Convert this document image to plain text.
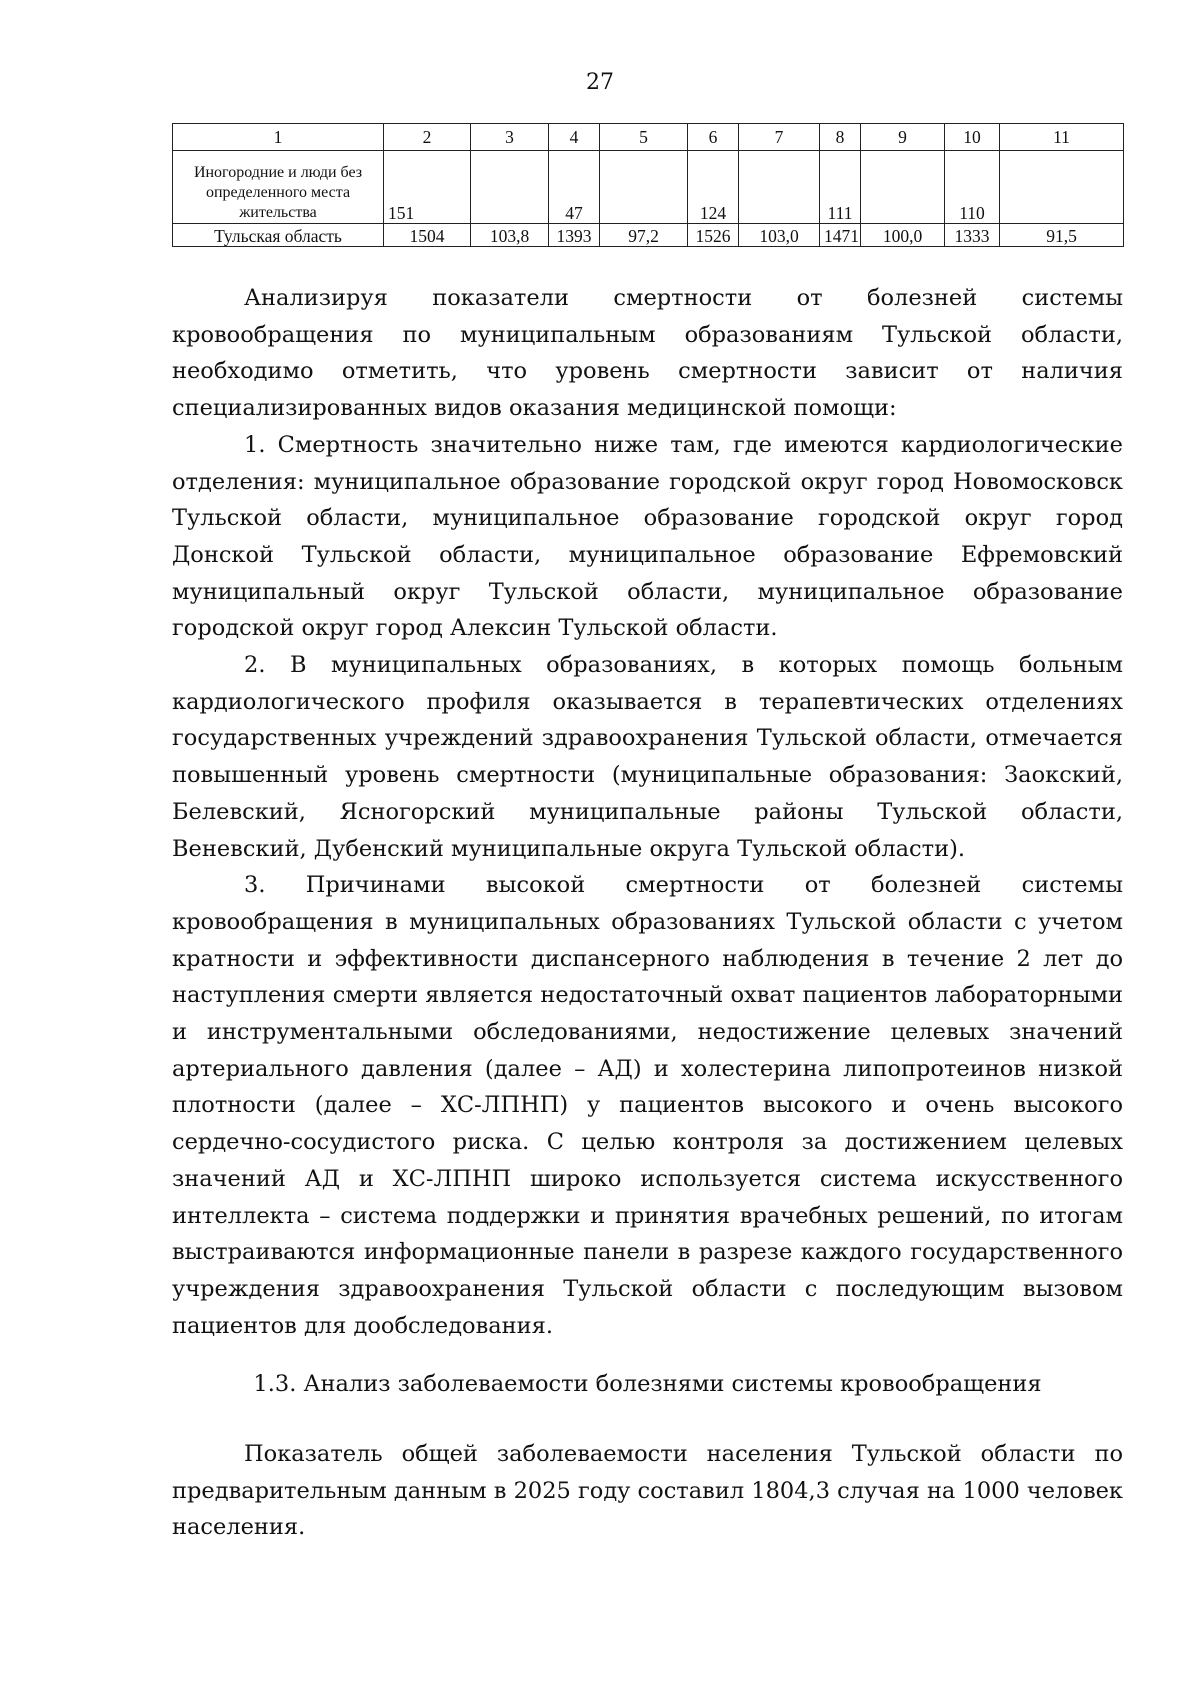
27
1	2	3	4	5	6	7	8	9	10	11
Иногородние и люди без определенного места жительства	151		47		124		111		110	
Тульская область	1504	103,8	1393	97,2	1526	103,0	1471	100,0	1333	91,5

Анализируя показатели смертности от болезней системы кровообращения по муниципальным образованиям Тульской области, необходимо отметить, что уровень смертности зависит от наличия специализированных видов оказания медицинской помощи:

1. Смертность значительно ниже там, где имеются кардиологические отделения: муниципальное образование городской округ город Новомосковск Тульской области, муниципальное образование городской округ город Донской Тульской области, муниципальное образование Ефремовский муниципальный округ Тульской области, муниципальное образование городской округ город Алексин Тульской области.

2. В муниципальных образованиях, в которых помощь больным кардиологического профиля оказывается в терапевтических отделениях государственных учреждений здравоохранения Тульской области, отмечается повышенный уровень смертности (муниципальные образования: Заокский, Белевский, Ясногорский муниципальные районы Тульской области, Веневский, Дубенский муниципальные округа Тульской области).

3. Причинами высокой смертности от болезней системы кровообращения в муниципальных образованиях Тульской области с учетом кратности и эффективности диспансерного наблюдения в течение 2 лет до наступления смерти является недостаточный охват пациентов лабораторными и инструментальными обследованиями, недостижение целевых значений артериального давления (далее – АД) и холестерина липопротеинов низкой плотности (далее – ХС-ЛПНП) у пациентов высокого и очень высокого сердечно-сосудистого риска. С целью контроля за достижением целевых значений АД и ХС-ЛПНП широко используется система искусственного интеллекта – система поддержки и принятия врачебных решений, по итогам выстраиваются информационные панели в разрезе каждого государственного учреждения здравоохранения Тульской области с последующим вызовом пациентов для дообследования.

1.3. Анализ заболеваемости болезнями системы кровообращения

Показатель общей заболеваемости населения Тульской области по предварительным данным в 2025 году составил 1804,3 случая на 1000 человек населения.
